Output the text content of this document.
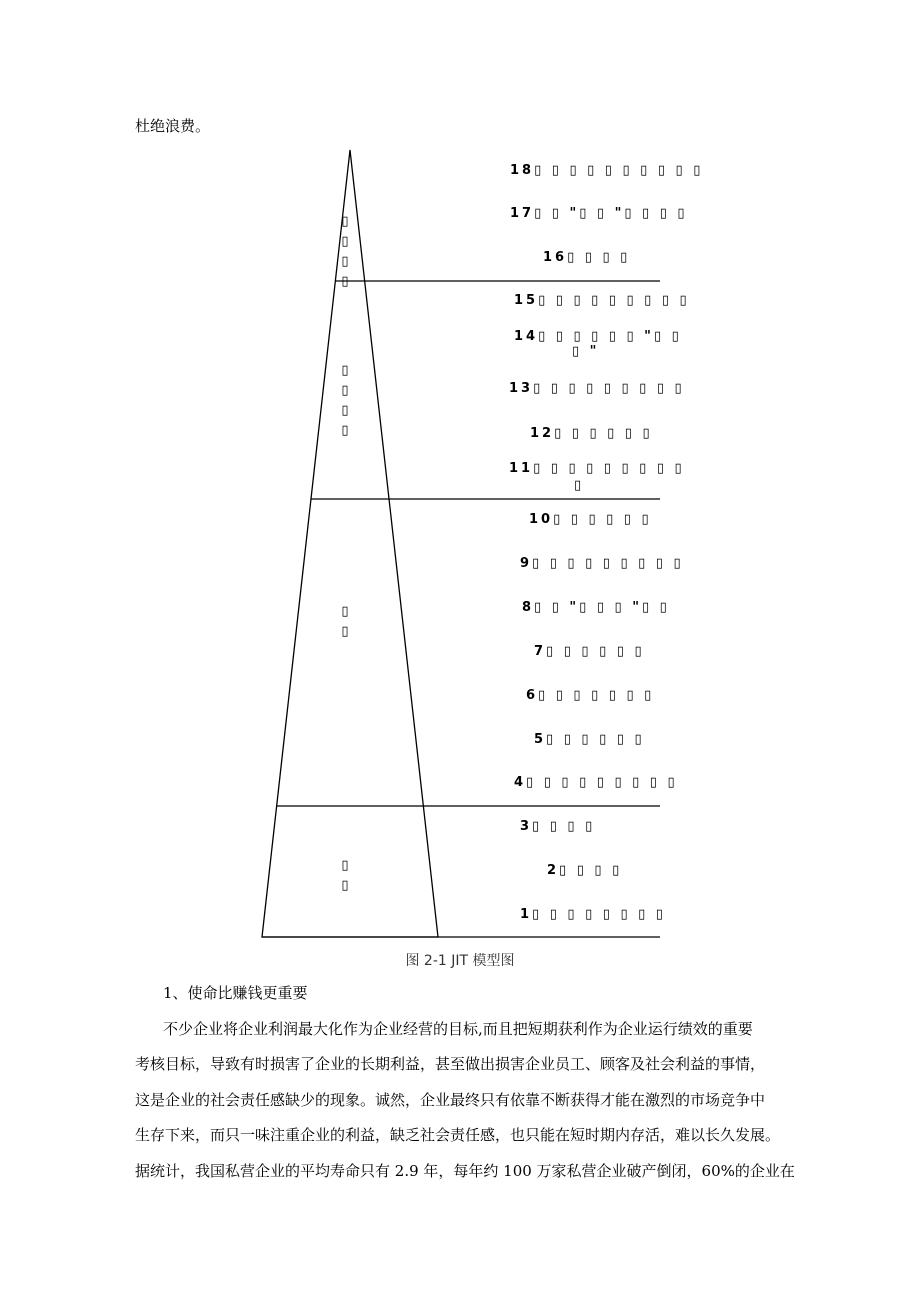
杜绝浪费。
▯
▯
▯
▯
▯
▯
▯
▯
▯
▯
▯
▯
18▯ ▯ ▯ ▯ ▯ ▯ ▯ ▯ ▯ ▯
17▯ ▯ "▯ ▯ "▯ ▯ ▯ ▯
16▯ ▯ ▯ ▯
15▯ ▯ ▯ ▯ ▯ ▯ ▯ ▯ ▯
14▯ ▯ ▯ ▯ ▯ ▯ "▯ ▯
▯ "
13▯ ▯ ▯ ▯ ▯ ▯ ▯ ▯ ▯
12▯ ▯ ▯ ▯ ▯ ▯
11▯ ▯ ▯ ▯ ▯ ▯ ▯ ▯ ▯
▯
10▯ ▯ ▯ ▯ ▯ ▯
9▯ ▯ ▯ ▯ ▯ ▯ ▯ ▯ ▯
8▯ ▯ "▯ ▯ ▯ "▯ ▯
7▯ ▯ ▯ ▯ ▯ ▯
6▯ ▯ ▯ ▯ ▯ ▯ ▯
5▯ ▯ ▯ ▯ ▯ ▯
4▯ ▯ ▯ ▯ ▯ ▯ ▯ ▯ ▯
3▯ ▯ ▯ ▯
2▯ ▯ ▯ ▯
1▯ ▯ ▯ ▯ ▯ ▯ ▯ ▯
图 2-1 JIT 模型图
1、使命比赚钱更重要
不少企业将企业利润最大化作为企业经营的目标,而且把短期获利作为企业运行绩效的重要
考核目标，导致有时损害了企业的长期利益，甚至做出损害企业员工、顾客及社会利益的事情，
这是企业的社会责任感缺少的现象。诚然，企业最终只有依靠不断获得才能在激烈的市场竞争中
生存下来，而只一味注重企业的利益，缺乏社会责任感，也只能在短时期内存活，难以长久发展。
据统计，我国私营企业的平均寿命只有 2.9 年，每年约 100 万家私营企业破产倒闭，60%的企业在
